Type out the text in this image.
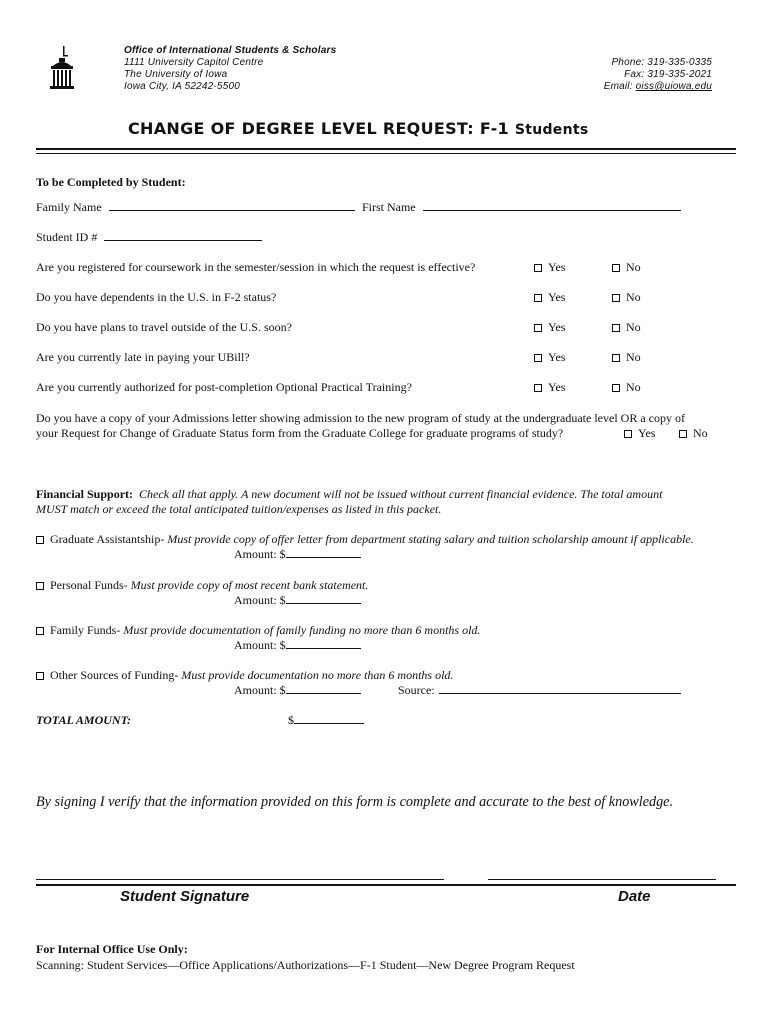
Office of International Students & Scholars
1111 University Capitol Centre
The University of Iowa
Iowa City, IA 52242-5500
Phone: 319-335-0335
Fax: 319-335-2021
Email: oiss@uiowa.edu
CHANGE OF DEGREE LEVEL REQUEST: F-1 Students
To be Completed by Student:
Family Name	First Name
Student ID #
Are you registered for coursework in the semester/session in which the request is effective?	Yes	No
Do you have dependents in the U.S. in F-2 status?	Yes	No
Do you have plans to travel outside of the U.S. soon?	Yes	No
Are you currently late in paying your UBill?	Yes	No
Are you currently authorized for post-completion Optional Practical Training?	Yes	No
Do you have a copy of your Admissions letter showing admission to the new program of study at the undergraduate level OR a copy of
your Request for Change of Graduate Status form from the Graduate College for graduate programs of study?	Yes	No
Financial Support: Check all that apply. A new document will not be issued without current financial evidence. The total amount
MUST match or exceed the total anticipated tuition/expenses as listed in this packet.
Graduate Assistantship- Must provide copy of offer letter from department stating salary and tuition scholarship amount if applicable.
Amount: $
Personal Funds- Must provide copy of most recent bank statement.
Amount: $
Family Funds- Must provide documentation of family funding no more than 6 months old.
Amount: $
Other Sources of Funding- Must provide documentation no more than 6 months old.
Amount: $	Source:
TOTAL AMOUNT:	$
By signing I verify that the information provided on this form is complete and accurate to the best of knowledge.
Student Signature	Date
For Internal Office Use Only:
Scanning: Student Services—Office Applications/Authorizations—F-1 Student—New Degree Program Request
